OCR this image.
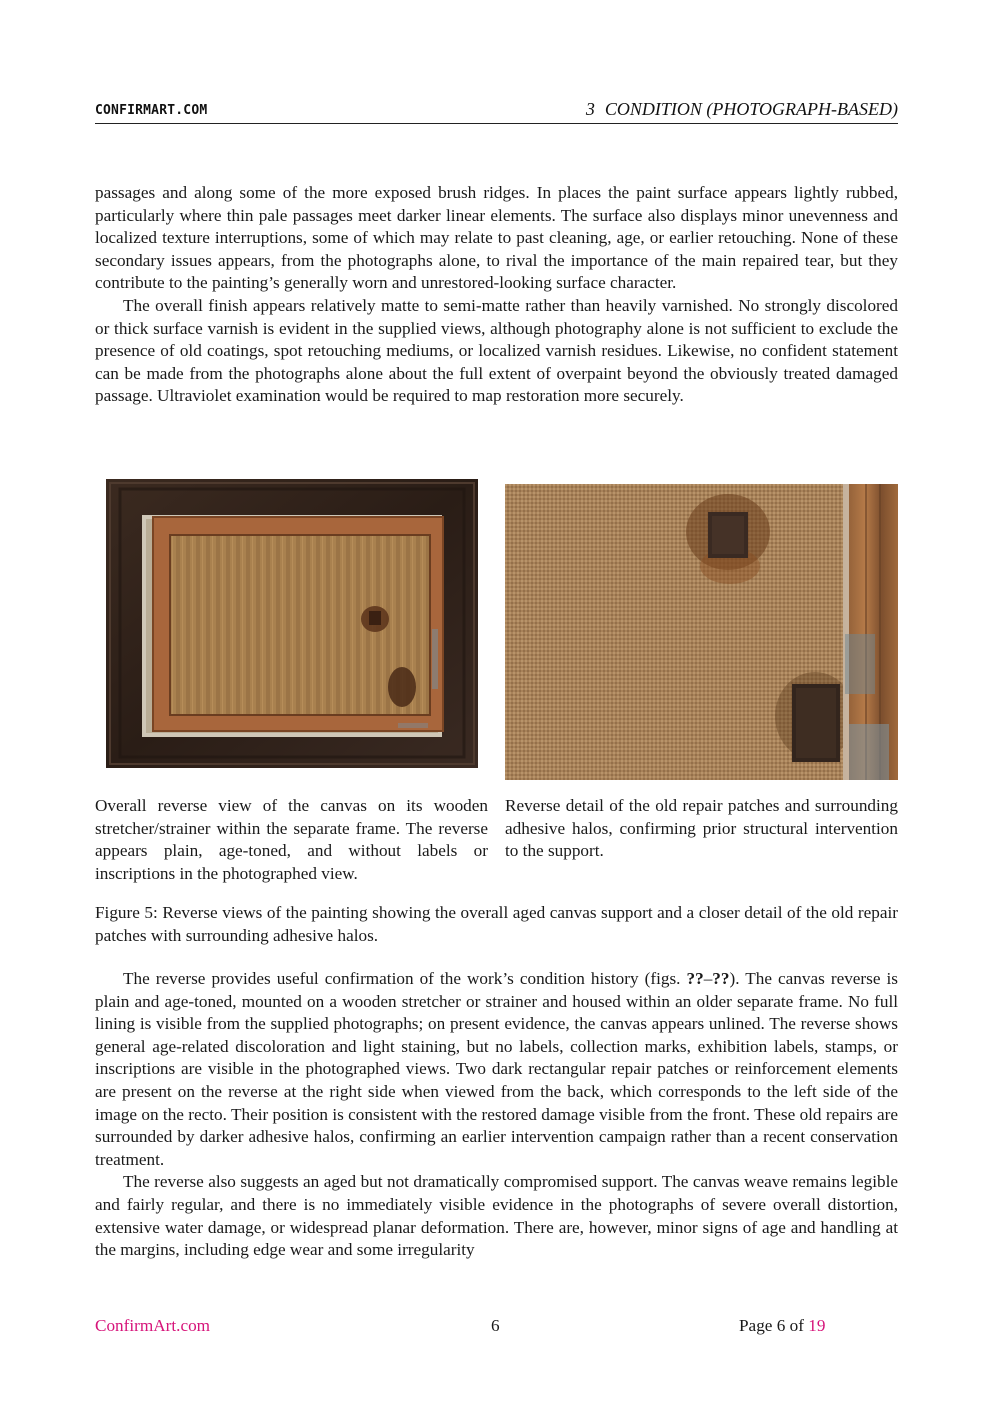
CONFIRMART.COM	3 CONDITION (PHOTOGRAPH-BASED)

passages and along some of the more exposed brush ridges. In places the paint surface appears lightly rubbed, particularly where thin pale passages meet darker linear elements. The surface also displays minor unevenness and localized texture interruptions, some of which may relate to past cleaning, age, or earlier retouching. None of these secondary issues appears, from the photographs alone, to rival the importance of the main repaired tear, but they contribute to the painting’s generally worn and unrestored-looking surface character.

The overall finish appears relatively matte to semi-matte rather than heavily varnished. No strongly discolored or thick surface varnish is evident in the supplied views, although photography alone is not sufficient to exclude the presence of old coatings, spot retouching mediums, or localized varnish residues. Likewise, no confident statement can be made from the photographs alone about the full extent of overpaint beyond the obviously treated damaged passage. Ultraviolet examination would be required to map restoration more securely.

Overall reverse view of the canvas on its wooden stretcher/strainer within the separate frame. The reverse appears plain, age-toned, and without labels or inscriptions in the photographed view.
Reverse detail of the old repair patches and surrounding adhesive halos, confirming prior structural intervention to the support.
Figure 5: Reverse views of the painting showing the overall aged canvas support and a closer detail of the old repair patches with surrounding adhesive halos.

The reverse provides useful confirmation of the work’s condition history (figs. ??–??). The canvas reverse is plain and age-toned, mounted on a wooden stretcher or strainer and housed within an older separate frame. No full lining is visible from the supplied photographs; on present evidence, the canvas appears unlined. The reverse shows general age-related discoloration and light staining, but no labels, collection marks, exhibition labels, stamps, or inscriptions are visible in the photographed views. Two dark rectangular repair patches or reinforcement elements are present on the reverse at the right side when viewed from the back, which corresponds to the left side of the image on the recto. Their position is consistent with the restored damage visible from the front. These old repairs are surrounded by darker adhesive halos, confirming an earlier intervention campaign rather than a recent conservation treatment.

The reverse also suggests an aged but not dramatically compromised support. The canvas weave remains legible and fairly regular, and there is no immediately visible evidence in the photographs of severe overall distortion, extensive water damage, or widespread planar deformation. There are, however, minor signs of age and handling at the margins, including edge wear and some irregularity

ConfirmArt.com	6	Page 6 of 19
